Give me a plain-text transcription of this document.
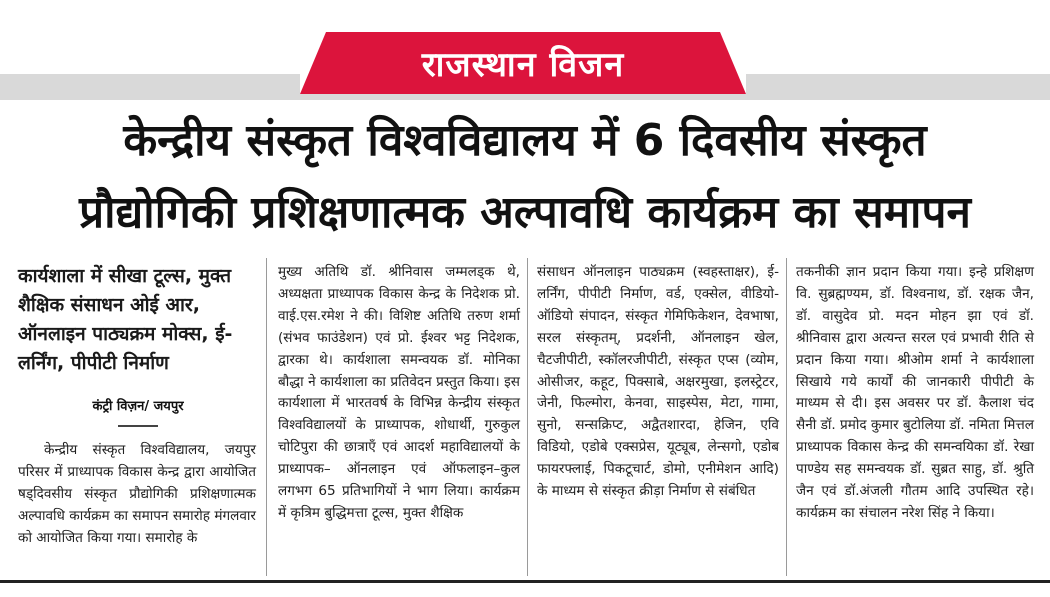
राजस्थान विजन
केन्द्रीय संस्कृत विश्वविद्यालय में 6 दिवसीय संस्कृत
प्रौद्योगिकी प्रशिक्षणात्मक अल्पावधि कार्यक्रम का समापन
कार्यशाला में सीखा टूल्स, मुक्त शैक्षिक संसाधन ओई आर, ऑनलाइन पाठ्यक्रम मोक्स, ई-लर्निंग, पीपीटी निर्माण
कंट्री विज़न/ जयपुर

केन्द्रीय संस्कृत विश्वविद्यालय, जयपुर परिसर में प्राध्यापक विकास केन्द्र द्वारा आयोजित षड्दिवसीय संस्कृत प्रौद्योगिकी प्रशिक्षणात्मक अल्पावधि कार्यक्रम का समापन समारोह मंगलवार को आयोजित किया गया। समारोह के

मुख्य अतिथि डॉ. श्रीनिवास जम्मलड्क थे, अध्यक्षता प्राध्यापक विकास केन्द्र के निदेशक प्रो. वाई.एस.रमेश ने की। विशिष्ट अतिथि तरुण शर्मा (संभव फाउंडेशन) एवं प्रो. ईश्वर भट्ट निदेशक, द्वारका थे। कार्यशाला समन्वयक डॉ. मोनिका बौद्धा ने कार्यशाला का प्रतिवेदन प्रस्तुत किया। इस कार्यशाला में भारतवर्ष के विभिन्न केन्द्रीय संस्कृत विश्वविद्यालयों के प्राध्यापक, शोधार्थी, गुरुकुल चोटिपुरा की छात्राएँ एवं आदर्श महाविद्यालयों के प्राध्यापक– ऑनलाइन एवं ऑफलाइन–कुल लगभग 65 प्रतिभागियों ने भाग लिया। कार्यक्रम में कृत्रिम बुद्धिमत्ता टूल्स, मुक्त शैक्षिक

संसाधन ऑनलाइन पाठ्यक्रम (स्वहस्ताक्षर), ई-लर्निंग, पीपीटी निर्माण, वर्ड, एक्सेल, वीडियो-ऑडियो संपादन, संस्कृत गेमिफिकेशन, देवभाषा, सरल संस्कृतम्, प्रदर्शनी, ऑनलाइन खेल, चैटजीपीटी, स्कॉलरजीपीटी, संस्कृत एप्स (व्योम, ओसीजर, कहूट, पिक्साबे, अक्षरमुखा, इलस्ट्रेटर, जेनी, फिल्मोरा, केनवा, साइस्पेस, मेटा, गामा, सुनो, सन्सक्रिप्ट, अद्वैतशारदा, हेजिन, एवि विडियो, एडोबे एक्सप्रेस, यूट्यूब, लेन्सगो, एडोब फायरफ्लाई, पिकटूचार्ट, डोमो, एनीमेशन आदि) के माध्यम से संस्कृत क्रीड़ा निर्माण से संबंधित

तकनीकी ज्ञान प्रदान किया गया। इन्हे प्रशिक्षण वि. सुब्रह्मण्यम, डॉ. विश्वनाथ, डॉ. रक्षक जैन, डॉ. वासुदेव प्रो. मदन मोहन झा एवं डॉ. श्रीनिवास द्वारा अत्यन्त सरल एवं प्रभावी रीति से प्रदान किया गया। श्रीओम शर्मा ने कार्यशाला सिखाये गये कार्यों की जानकारी पीपीटी के माध्यम से दी। इस अवसर पर डॉ. कैलाश चंद सैनी डॉ. प्रमोद कुमार बुटोलिया डॉ. नमिता मित्तल प्राध्यापक विकास केन्द्र की समन्वयिका डॉ. रेखा पाण्डेय सह समन्वयक डॉ. सुब्रत साहु, डॉ. श्रुति जैन एवं डॉ.अंजली गौतम आदि उपस्थित रहे। कार्यक्रम का संचालन नरेश सिंह ने किया।
